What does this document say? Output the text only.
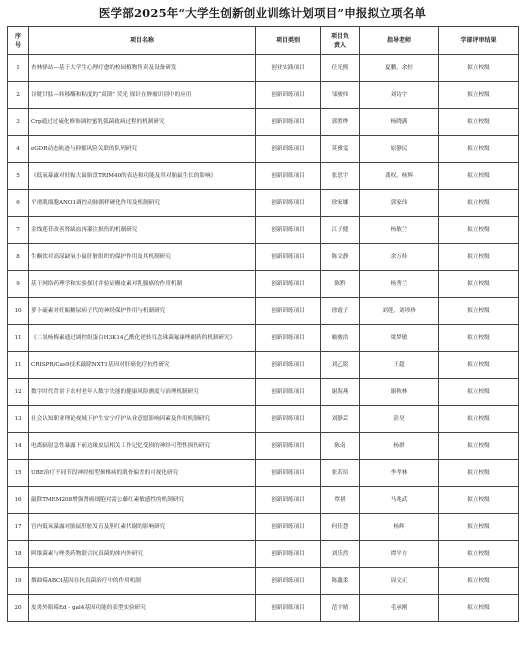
医学部2025年“大学生创新创业训练计划项目”申报拟立项名单
序号	项目名称	项目类别	项目负责人	指导老师	学部评审结果
1	杏林驿站—基于大学生心理疗愈的校园植物售卖及设备研发	创业实践项目	任光熙	夏鹏，余恒	拟立校级
2	谷胱甘肽—转移酶和粘度的“双锁” 荧光 探针在肿瘤识别中的应用	创新训练项目	邹骏炜	刘诗宇	拟立校级
3	Crp通过过硫化修饰调控蜜乳弧菌致病过程的机制研究	创新训练项目	郭胜烨	杨晓满	拟立校级
4	eGDR动态轨迹与抑郁风险关联的队列研究	创新训练项目	莫雅雯	原静民	拟立校级
5	《低氧暴露对妊娠大鼠胎盘TRIM40的表达和功能及其对胎鼠生长的影响》	创新训练项目	张思宇	龚权，杨辉	拟立校级
6	平滑肌细胞ANO1调控动脉粥样硬化作用及机制研究	创新训练项目	徐家娜	郭家伟	拟立校级
7	金线莲苷改善肾缺血再灌注损伤的机制研究	创新训练项目	江子健	杨敏兰	拟立校级
8	生酮饮对高尿缺氧小鼠肝脏组织的保护作用及其机制研究	创新训练项目	陈文静	余万桂	拟立校级
9	基于网络药理学和实验探讨并验证槲皮素对乳腺癌的作用机制	创新训练项目	陈黔	杨秀兰	拟立校级
10	萝卜硫素对妊娠糖尿病子代的神经保护作用与机制研究	创新训练项目	徐霞子	刘莲，刘珍珍	拟立校级
11	《二氢杨梅素通过调控组蛋白H3K14乙酰化逆转耳念珠菌氟康唑耐药的机制研究》	创新训练项目	喻骏浩	梁梦敏	拟立校级
11	CRISPR/Cas9技术敲除NXT1基因对肝癌化疗抗性研究	创新训练项目	刘乙铭	王超	拟立校级
12	数字时代背景下农村老年人数字失能的健康风险测度与治理机制研究	创新训练项目	谢海燕	谢秋林	拟立校级
13	社会认知职业理论视域下护生安宁疗护从业意愿影响因素及作用机制研究	创新训练项目	刘静芸	彭昊	拟立校级
14	电离辐射急性暴露下前边缘皮层相关工作记忆受损的神经可塑性损伤研究	创新训练项目	陈南	杨群	拟立校级
15	UBE治疗不同节段神经根型颈椎病的肌骨偏差的可视化研究	创新训练项目	张若瑄	李孝林	拟立校级
16	敲除TMEM208增强肾癌细胞对雷公藤红素敏感性的机制研究	创新训练项目	覃祺	马兆武	拟立校级
17	宫内低氧暴露对胎鼠肝脏发育及胆红素代谢的影响研究	创新训练项目	何佳慧	杨辉	拟立校级
18	阿维菌素与唑类药物联合抗真菌的体内外研究	创新训练项目	刘乐然	谭平方	拟立校级
19	烟曲霉ABCt基因在抗真菌治疗中的作用机制	创新训练项目	陈鑫柔	周文正	拟立校级
20	皮炎外瓶霉Ed - gal4基因功能的表型实验研究	创新训练项目	范宇晴	毛承刚	拟立校级
